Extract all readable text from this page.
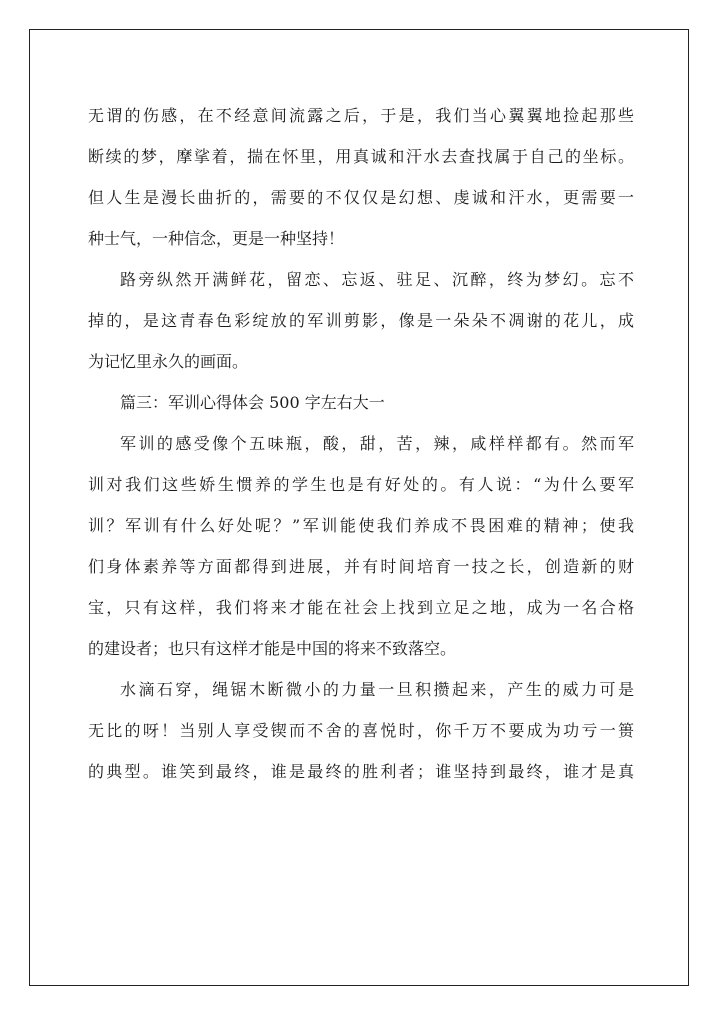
无谓的伤感，在不经意间流露之后，于是，我们当心翼翼地捡起那些
断续的梦，摩挲着，揣在怀里，用真诚和汗水去查找属于自己的坐标。
但人生是漫长曲折的，需要的不仅仅是幻想、虔诚和汗水，更需要一
种士气，一种信念，更是一种坚持！
路旁纵然开满鲜花，留恋、忘返、驻足、沉醉，终为梦幻。忘不
掉的，是这青春色彩绽放的军训剪影，像是一朵朵不凋谢的花儿，成
为记忆里永久的画面。
篇三：军训心得体会 500 字左右大一
军训的感受像个五味瓶，酸，甜，苦，辣，咸样样都有。然而军
训对我们这些娇生惯养的学生也是有好处的。有人说：“为什么要军
训？军训有什么好处呢？”军训能使我们养成不畏困难的精神；使我
们身体素养等方面都得到进展，并有时间培育一技之长，创造新的财
宝，只有这样，我们将来才能在社会上找到立足之地，成为一名合格
的建设者；也只有这样才能是中国的将来不致落空。
水滴石穿，绳锯木断微小的力量一旦积攒起来，产生的威力可是
无比的呀！当别人享受锲而不舍的喜悦时，你千万不要成为功亏一篑
的典型。谁笑到最终，谁是最终的胜利者；谁坚持到最终，谁才是真
